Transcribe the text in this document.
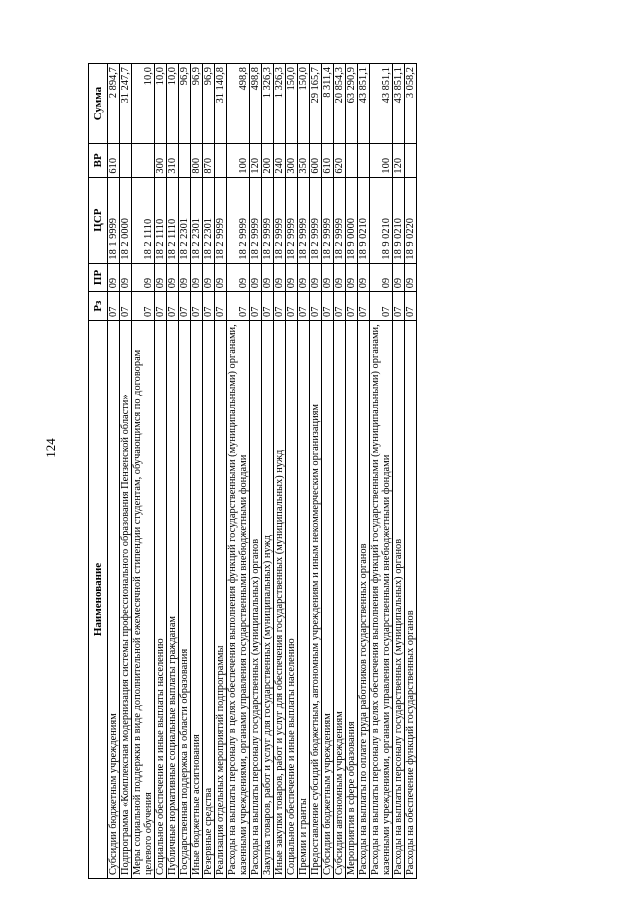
124
Наименование	Рз	ПР	ЦСР	ВР	Сумма
Субсидии бюджетным учреждениям	07	09	18 1 9999	610	2 894,7
Подпрограмма «Комплексная модернизация системы профессионального образования Пензенской области»	07	09	18 2 0000		31 247,7
Меры социальной поддержки в виде дополнительной ежемесячной стипендии студентам, обучающимся по договорам целевого обучения	07	09	18 2 1110		10,0
Социальное обеспечение и иные выплаты населению	07	09	18 2 1110	300	10,0
Публичные нормативные социальные выплаты гражданам	07	09	18 2 1110	310	10,0
Государственная поддержка в области образования	07	09	18 2 2301		96,9
Иные бюджетные ассигнования	07	09	18 2 2301	800	96,9
Резервные средства	07	09	18 2 2301	870	96,9
Реализация отдельных мероприятий подпрограммы	07	09	18 2 9999		31 140,8
Расходы на выплаты персоналу в целях обеспечения выполнения функций государственными (муниципальными) органами, казенными учреждениями, органами управления государственными внебюджетными фондами	07	09	18 2 9999	100	498,8
Расходы на выплаты персоналу государственных (муниципальных) органов	07	09	18 2 9999	120	498,8
Закупка товаров, работ и услуг для государственных (муниципальных) нужд	07	09	18 2 9999	200	1 326,3
Иные закупки товаров, работ и услуг для обеспечения государственных (муниципальных) нужд	07	09	18 2 9999	240	1 326,3
Социальное обеспечение и иные выплаты населению	07	09	18 2 9999	300	150,0
Премии и гранты	07	09	18 2 9999	350	150,0
Предоставление субсидий бюджетным, автономным учреждениям и иным некоммерческим организациям	07	09	18 2 9999	600	29 165,7
Субсидии бюджетным учреждениям	07	09	18 2 9999	610	8 311,4
Субсидии автономным учреждениям	07	09	18 2 9999	620	20 854,3
Мероприятия в сфере образования	07	09	18 9 0000		63 290,9
Расходы на выплаты по оплате труда работников государственных органов	07	09	18 9 0210		43 851,1
Расходы на выплаты персоналу в целях обеспечения выполнения функций государственными (муниципальными) органами, казенными учреждениями, органами управления государственными внебюджетными фондами	07	09	18 9 0210	100	43 851,1
Расходы на выплаты персоналу государственных (муниципальных) органов	07	09	18 9 0210	120	43 851,1
Расходы на обеспечение функций государственных органов	07	09	18 9 0220		3 058,2
